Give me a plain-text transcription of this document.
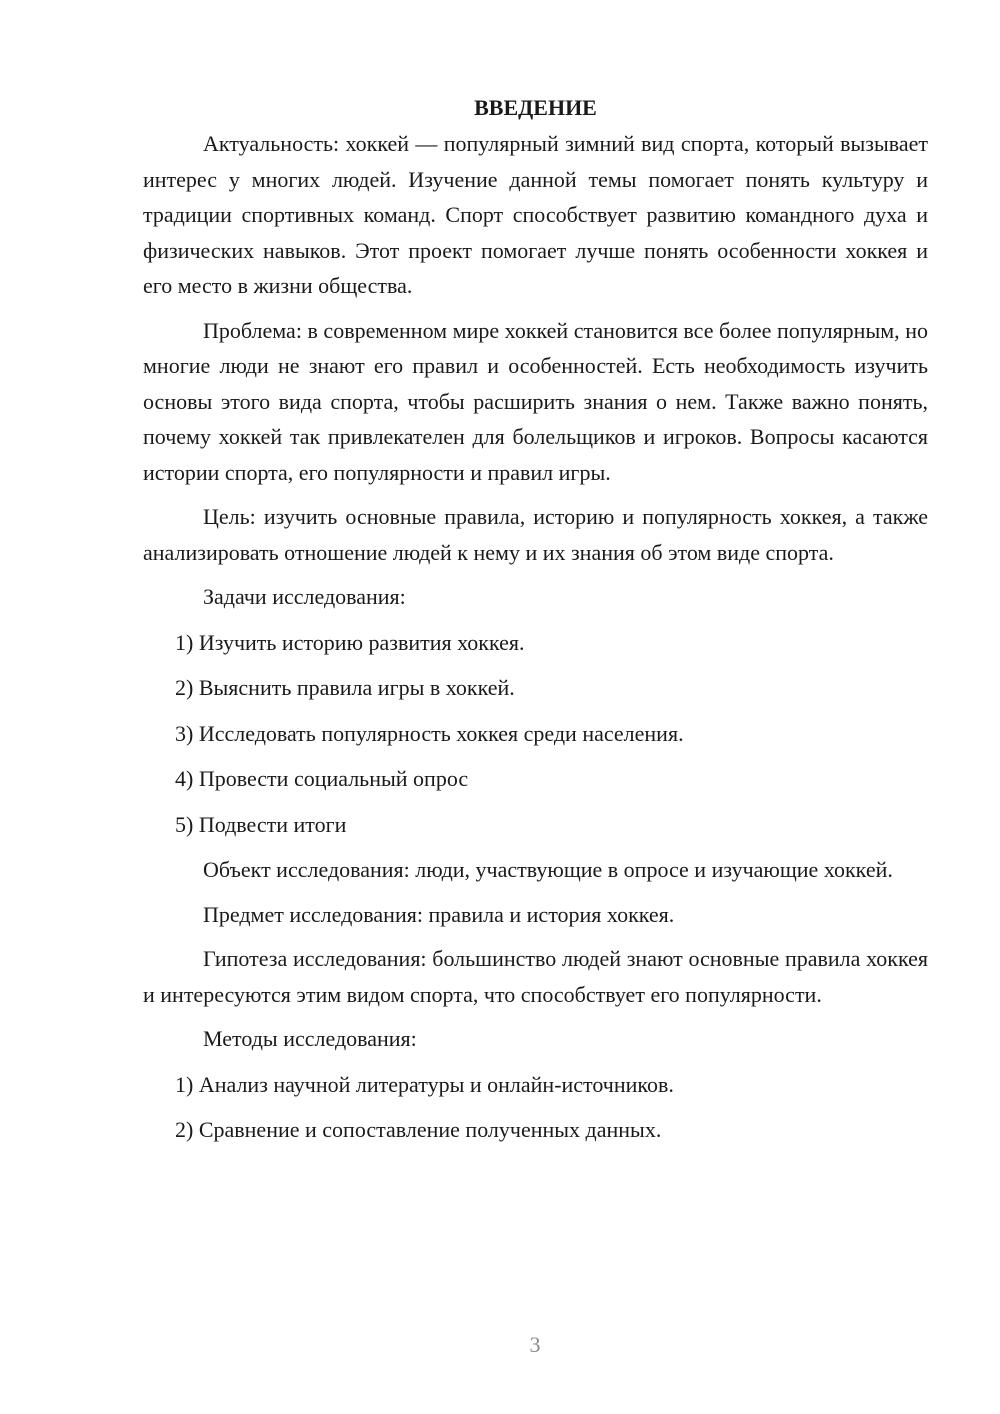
ВВЕДЕНИЕ

Актуальность: хоккей — популярный зимний вид спорта, который вызывает интерес у многих людей. Изучение данной темы помогает понять культуру и традиции спортивных команд. Спорт способствует развитию командного духа и физических навыков. Этот проект помогает лучше понять особенности хоккея и его место в жизни общества.

Проблема: в современном мире хоккей становится все более популярным, но многие люди не знают его правил и особенностей. Есть необходимость изучить основы этого вида спорта, чтобы расширить знания о нем. Также важно понять, почему хоккей так привлекателен для болельщиков и игроков. Вопросы касаются истории спорта, его популярности и правил игры.

Цель: изучить основные правила, историю и популярность хоккея, а также анализировать отношение людей к нему и их знания об этом виде спорта.

Задачи исследования:

1) Изучить историю развития хоккея.

2) Выяснить правила игры в хоккей.

3) Исследовать популярность хоккея среди населения.

4) Провести социальный опрос

5) Подвести итоги

Объект исследования: люди, участвующие в опросе и изучающие хоккей.

Предмет исследования: правила и история хоккея.

Гипотеза исследования: большинство людей знают основные правила хоккея и интересуются этим видом спорта, что способствует его популярности.

Методы исследования:

1) Анализ научной литературы и онлайн-источников.

2) Сравнение и сопоставление полученных данных.

3
